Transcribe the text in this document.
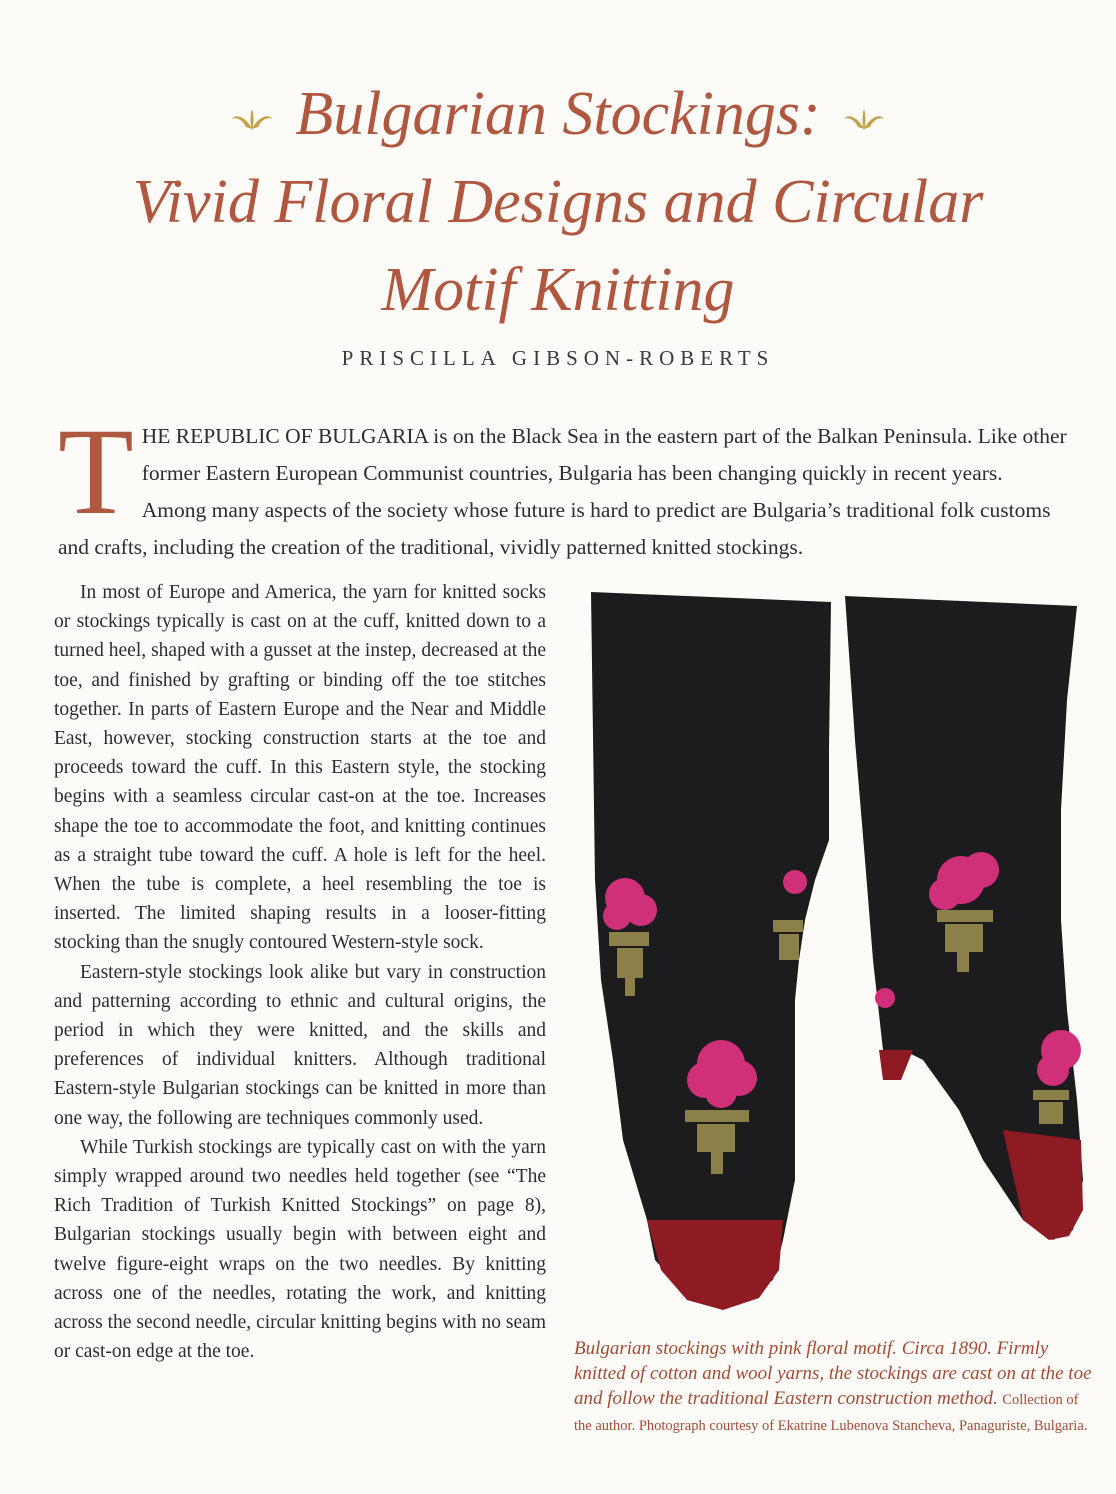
Bulgarian Stockings:
Vivid Floral Designs and Circular
Motif Knitting
PRISCILLA GIBSON-ROBERTS
THE REPUBLIC OF BULGARIA is on the Black Sea in the eastern part of the Balkan Peninsula. Like other former Eastern European Communist countries, Bulgaria has been changing quickly in recent years. Among many aspects of the society whose future is hard to predict are Bulgaria’s traditional folk customs and crafts, including the creation of the traditional, vividly patterned knitted stockings.

In most of Europe and America, the yarn for knitted socks or stockings typically is cast on at the cuff, knitted down to a turned heel, shaped with a gusset at the instep, decreased at the toe, and finished by grafting or binding off the toe stitches together. In parts of Eastern Europe and the Near and Middle East, however, stocking construction starts at the toe and proceeds toward the cuff. In this Eastern style, the stocking begins with a seamless circular cast-on at the toe. Increases shape the toe to accommodate the foot, and knitting continues as a straight tube toward the cuff. A hole is left for the heel. When the tube is complete, a heel resembling the toe is inserted. The limited shaping results in a looser-fitting stocking than the snugly contoured Western-style sock.

Eastern-style stockings look alike but vary in construction and patterning according to ethnic and cultural origins, the period in which they were knitted, and the skills and preferences of individual knitters. Although traditional Eastern-style Bulgarian stockings can be knitted in more than one way, the following are techniques commonly used.

While Turkish stockings are typically cast on with the yarn simply wrapped around two needles held together (see “The Rich Tradition of Turkish Knitted Stockings” on page 8), Bulgarian stockings usually begin with between eight and twelve figure-eight wraps on the two needles. By knitting across one of the needles, rotating the work, and knitting across the second needle, circular knitting begins with no seam or cast-on edge at the toe.	Bulgarian stockings with pink floral motif. Circa 1890. Firmly knitted of cotton and wool yarns, the stockings are cast on at the toe and follow the traditional Eastern construction method. Collection of the author. Photograph courtesy of Ekatrine Lubenova Stancheva, Panaguriste, Bulgaria.
